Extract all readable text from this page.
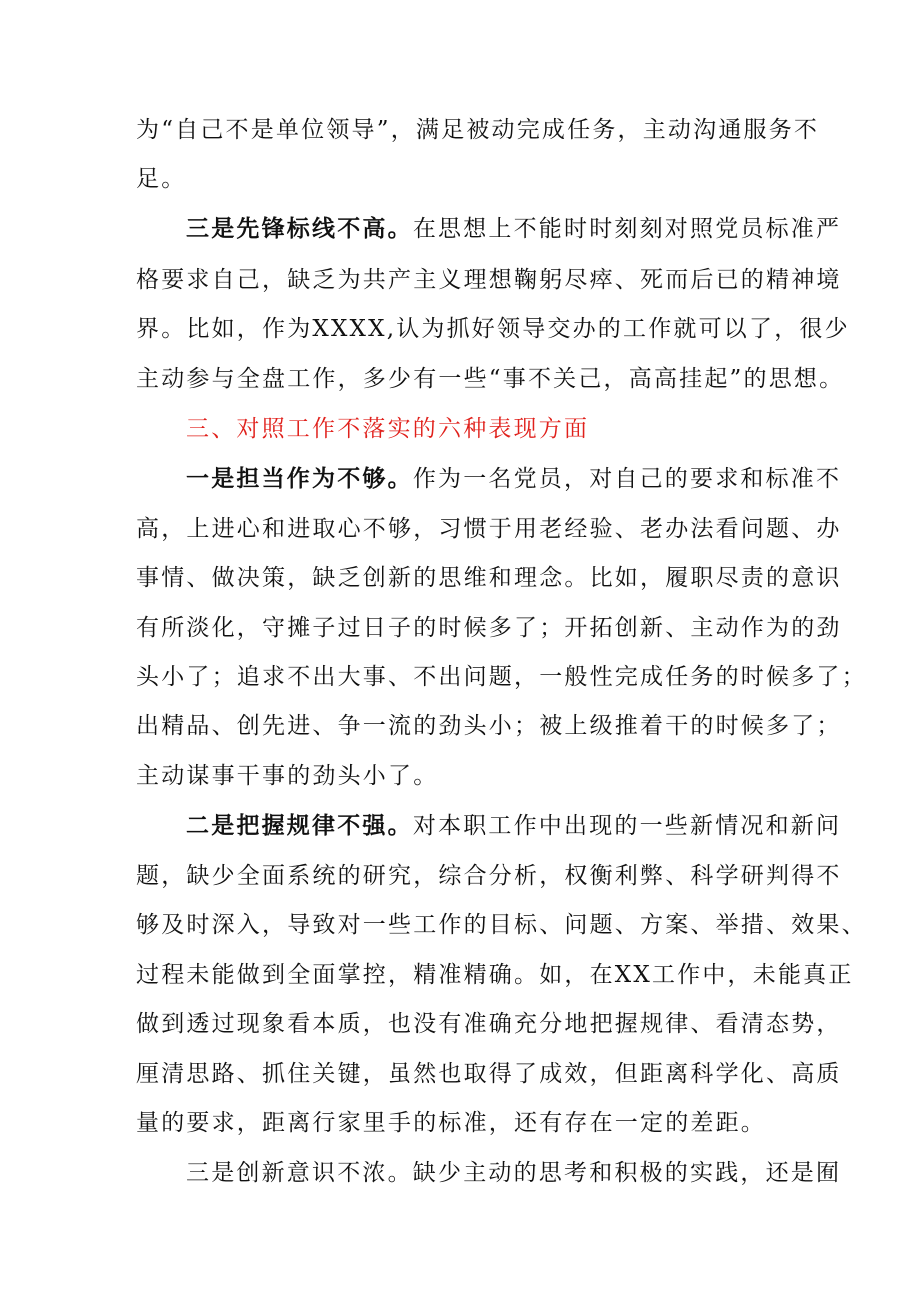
为“自己不是单位领导”，满足被动完成任务，主动沟通服务不
足。
三是先锋标线不高。在思想上不能时时刻刻对照党员标准严
格要求自己，缺乏为共产主义理想鞠躬尽瘁、死而后已的精神境
界。比如，作为XXXX,认为抓好领导交办的工作就可以了，很少
主动参与全盘工作，多少有一些“事不关己，高高挂起”的思想。
三、对照工作不落实的六种表现方面
一是担当作为不够。作为一名党员，对自己的要求和标准不
高，上进心和进取心不够，习惯于用老经验、老办法看问题、办
事情、做决策，缺乏创新的思维和理念。比如，履职尽责的意识
有所淡化，守摊子过日子的时候多了；开拓创新、主动作为的劲
头小了；追求不出大事、不出问题，一般性完成任务的时候多了；
出精品、创先进、争一流的劲头小；被上级推着干的时候多了；
主动谋事干事的劲头小了。
二是把握规律不强。对本职工作中出现的一些新情况和新问
题，缺少全面系统的研究，综合分析，权衡利弊、科学研判得不
够及时深入，导致对一些工作的目标、问题、方案、举措、效果、
过程未能做到全面掌控，精准精确。如，在XX工作中，未能真正
做到透过现象看本质，也没有准确充分地把握规律、看清态势，
厘清思路、抓住关键，虽然也取得了成效，但距离科学化、高质
量的要求，距离行家里手的标准，还有存在一定的差距。
三是创新意识不浓。缺少主动的思考和积极的实践，还是囿
